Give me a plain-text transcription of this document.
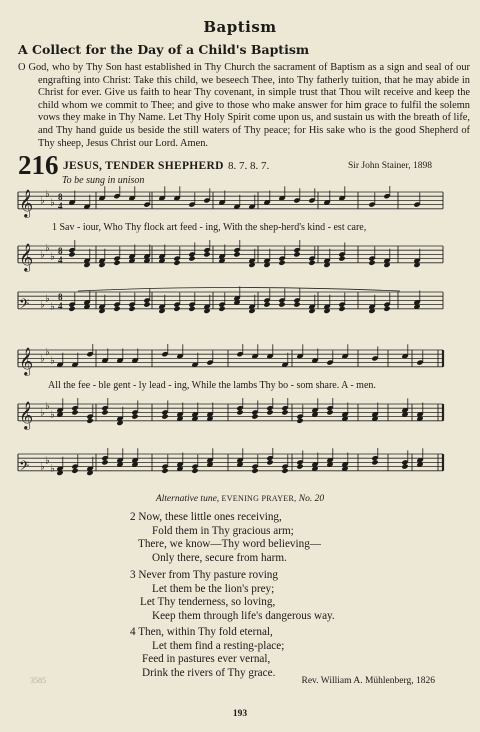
Baptism
A Collect for the Day of a Child's Baptism
O God, who by Thy Son hast established in Thy Church the sacrament of Baptism as a sign and seal of our engrafting into Christ: Take this child, we beseech Thee, into Thy fatherly tuition, that he may abide in Christ for ever. Give us faith to hear Thy covenant, in simple trust that Thou wilt receive and keep the child whom we commit to Thee; and give to those who make answer for him grace to fulfil the solemn vows they make in Thy Name. Let Thy Holy Spirit come upon us, and sustain us with the breath of life, and Thy hand guide us beside the still waters of Thy peace; for His sake who is the good Shepherd of Thy sheep, Jesus Christ our Lord. Amen.
216 JESUS, TENDER SHEPHERD 8. 7. 8. 7.	Sir John Stainer, 1898
To be sung in unison
𝄞 ♭
♭
♭
8
4
1 Sav - iour, Who Thy flock art feed - ing, With the shep-herd's kind - est care,
𝄞 ♭
♭
♭
8
4
𝄢 ♭
♭
♭
8
4
𝄞 ♭
♭
♭
All the fee - ble gent - ly lead - ing, While the lambs Thy bo - som share. A - men.
𝄞 ♭
♭
♭
𝄢 ♭
♭
♭
Alternative tune, EVENING PRAYER, No. 20
2 Now, these little ones receiving,
Fold them in Thy gracious arm;
There, we know—Thy word believing—
Only there, secure from harm.
3 Never from Thy pasture roving
Let them be the lion's prey;
Let Thy tenderness, so loving,
Keep them through life's dangerous way.
4 Then, within Thy fold eternal,
Let them find a resting-place;
Feed in pastures ever vernal,
Drink the rivers of Thy grace.
3585	Rev. William A. Mühlenberg, 1826
193
